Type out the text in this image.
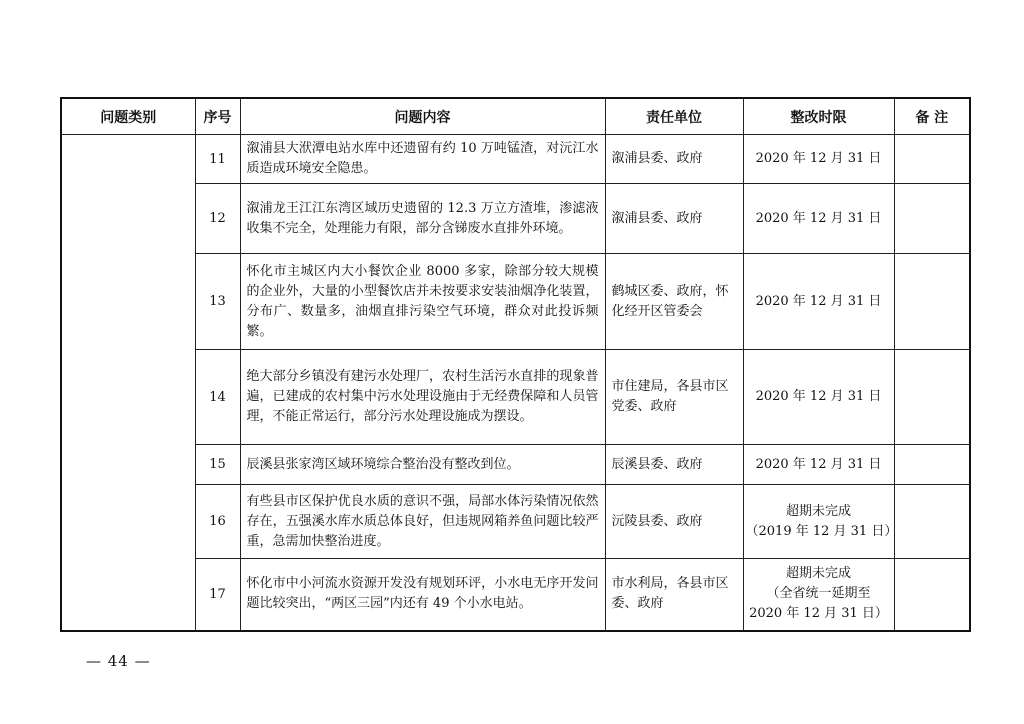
问题类别	序号	问题内容	责任单位	整改时限	备 注
	11	溆浦县大洑潭电站水库中还遗留有约 10 万吨锰渣，对沅江水质造成环境安全隐患。	溆浦县委、政府	2020 年 12 月 31 日	

	12	溆浦龙王江江东湾区域历史遗留的 12.3 万立方渣堆，渗滤液收集不完全，处理能力有限，部分含锑废水直排外环境。	溆浦县委、政府	2020 年 12 月 31 日	

	13	怀化市主城区内大小餐饮企业 8000 多家，除部分较大规模的企业外，大量的小型餐饮店并未按要求安装油烟净化装置，分布广、数量多，油烟直排污染空气环境，群众对此投诉频繁。	鹤城区委、政府，怀化经开区管委会	2020 年 12 月 31 日	

	14	绝大部分乡镇没有建污水处理厂，农村生活污水直排的现象普遍，已建成的农村集中污水处理设施由于无经费保障和人员管理，不能正常运行，部分污水处理设施成为摆设。	市住建局，各县市区党委、政府	2020 年 12 月 31 日	

	15	辰溪县张家湾区域环境综合整治没有整改到位。	辰溪县委、政府	2020 年 12 月 31 日	

	16	有些县市区保护优良水质的意识不强，局部水体污染情况依然存在，五强溪水库水质总体良好，但违规网箱养鱼问题比较严重，急需加快整治进度。	沅陵县委、政府	超期未完成
（2019 年 12 月 31 日）	

	17	怀化市中小河流水资源开发没有规划环评，小水电无序开发问题比较突出，“两区三园”内还有 49 个小水电站。	市水利局，各县市区委、政府	超期未完成
（全省统一延期至
2020 年 12 月 31 日）	

— 44 —
